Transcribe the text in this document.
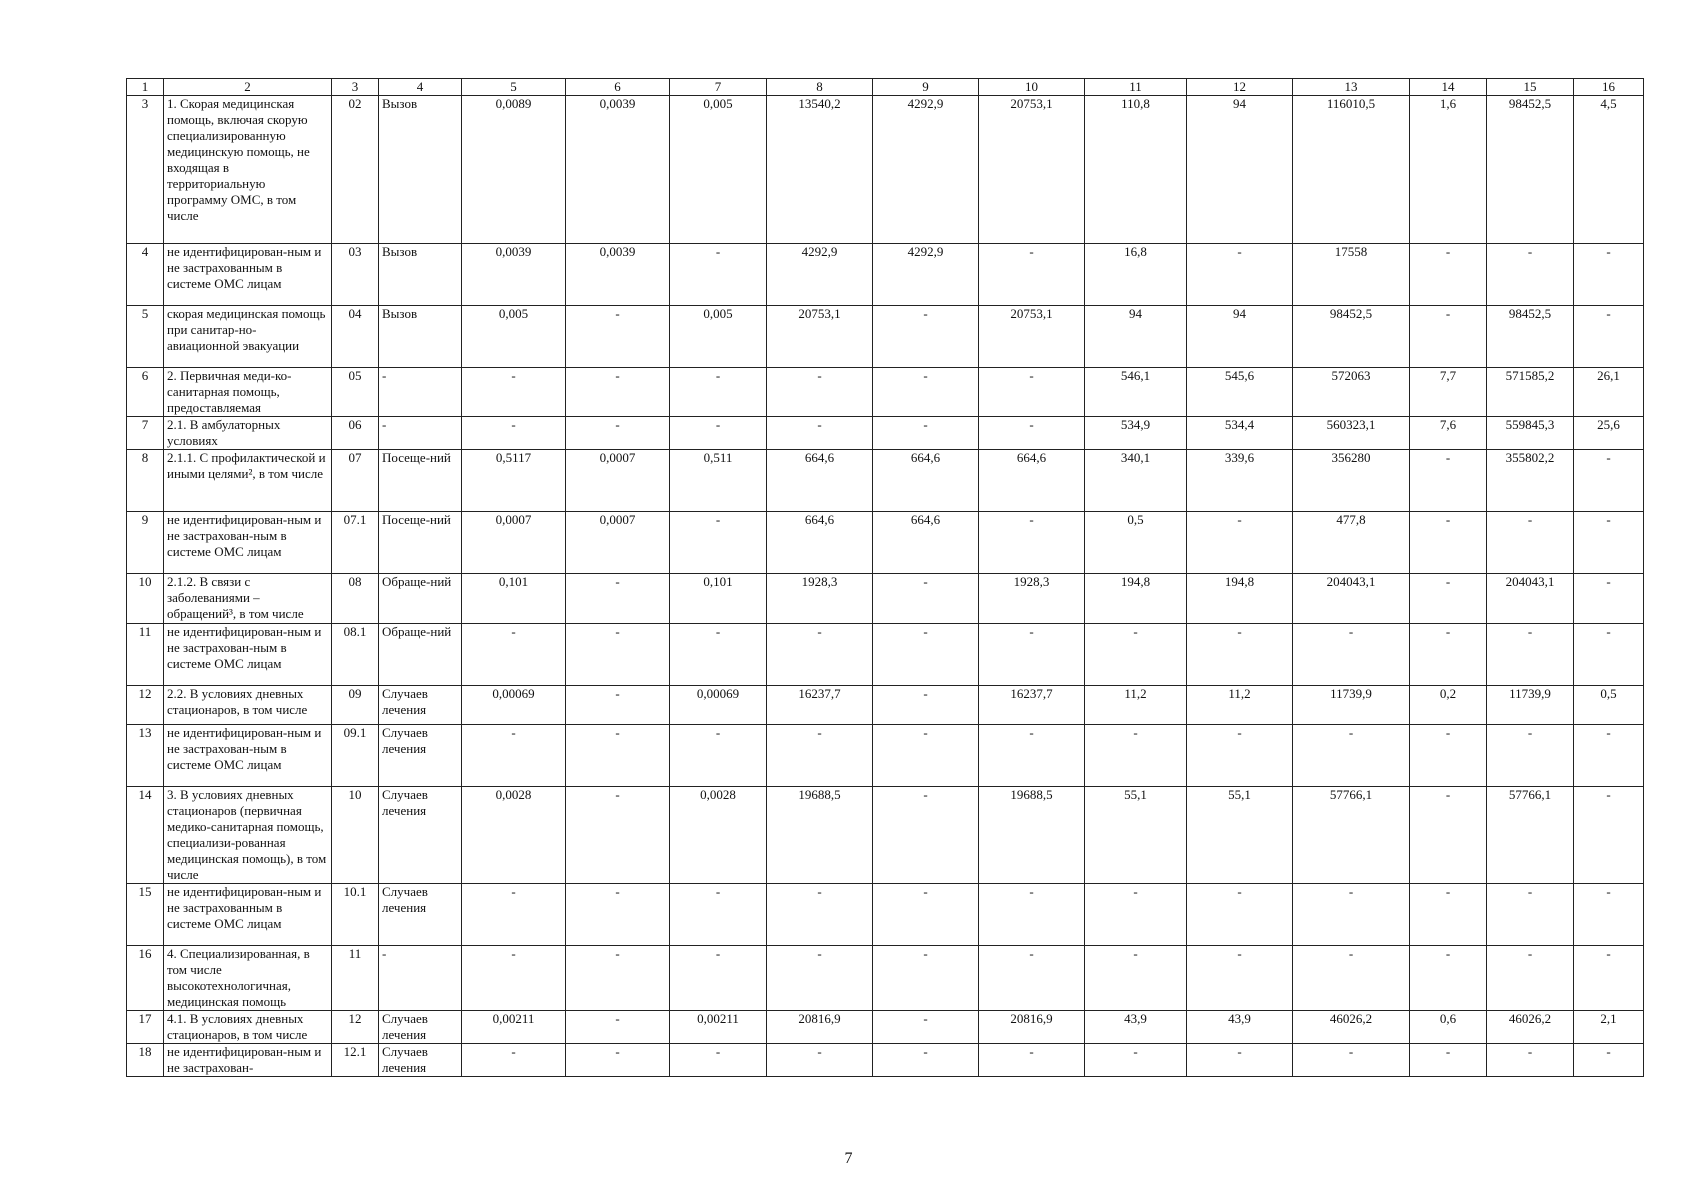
1	2	3	4	5	6	7	8	9	10	11	12	13	14	15	16
3	1. Скорая медицинская помощь, включая скорую специализированную медицинскую помощь, не входящая в территориальную программу ОМС, в том числе	02	Вызов	0,0089	0,0039	0,005	13540,2	4292,9	20753,1	110,8	94	116010,5	1,6	98452,5	4,5
4	не идентифицирован-ным и не застрахованным в системе ОМС лицам	03	Вызов	0,0039	0,0039	-	4292,9	4292,9	-	16,8	-	17558	-	-	-
5	скорая медицинская помощь при санитар-но-авиационной эвакуации	04	Вызов	0,005	-	0,005	20753,1	-	20753,1	94	94	98452,5	-	98452,5	-
6	2. Первичная меди-ко-санитарная помощь, предоставляемая	05	-	-	-	-	-	-	-	546,1	545,6	572063	7,7	571585,2	26,1
7	2.1. В амбулаторных условиях	06	-	-	-	-	-	-	-	534,9	534,4	560323,1	7,6	559845,3	25,6
8	2.1.1. С профилактической и иными целями², в том числе	07	Посеще-ний	0,5117	0,0007	0,511	664,6	664,6	664,6	340,1	339,6	356280	-	355802,2	-
9	не идентифицирован-ным и не застрахован-ным в системе ОМС лицам	07.1	Посеще-ний	0,0007	0,0007	-	664,6	664,6	-	0,5	-	477,8	-	-	-
10	2.1.2. В связи с заболеваниями – обращений³, в том числе	08	Обраще-ний	0,101	-	0,101	1928,3	-	1928,3	194,8	194,8	204043,1	-	204043,1	-
11	не идентифицирован-ным и не застрахован-ным в системе ОМС лицам	08.1	Обраще-ний	-	-	-	-	-	-	-	-	-	-	-	-
12	2.2. В условиях дневных стационаров, в том числе	09	Случаев лечения	0,00069	-	0,00069	16237,7	-	16237,7	11,2	11,2	11739,9	0,2	11739,9	0,5
13	не идентифицирован-ным и не застрахован-ным в системе ОМС лицам	09.1	Случаев лечения	-	-	-	-	-	-	-	-	-	-	-	-
14	3. В условиях дневных стационаров (первичная медико-санитарная помощь, специализи-рованная медицинская помощь), в том числе	10	Случаев лечения	0,0028	-	0,0028	19688,5	-	19688,5	55,1	55,1	57766,1	-	57766,1	-
15	не идентифицирован-ным и не застрахованным в системе ОМС лицам	10.1	Случаев лечения	-	-	-	-	-	-	-	-	-	-	-	-
16	4. Специализированная, в том числе высокотехнологичная, медицинская помощь	11	-	-	-	-	-	-	-	-	-	-	-	-	-
17	4.1. В условиях дневных стационаров, в том числе	12	Случаев лечения	0,00211	-	0,00211	20816,9	-	20816,9	43,9	43,9	46026,2	0,6	46026,2	2,1
18	не идентифицирован-ным и не застрахован-	12.1	Случаев лечения	-	-	-	-	-	-	-	-	-	-	-	-
7
